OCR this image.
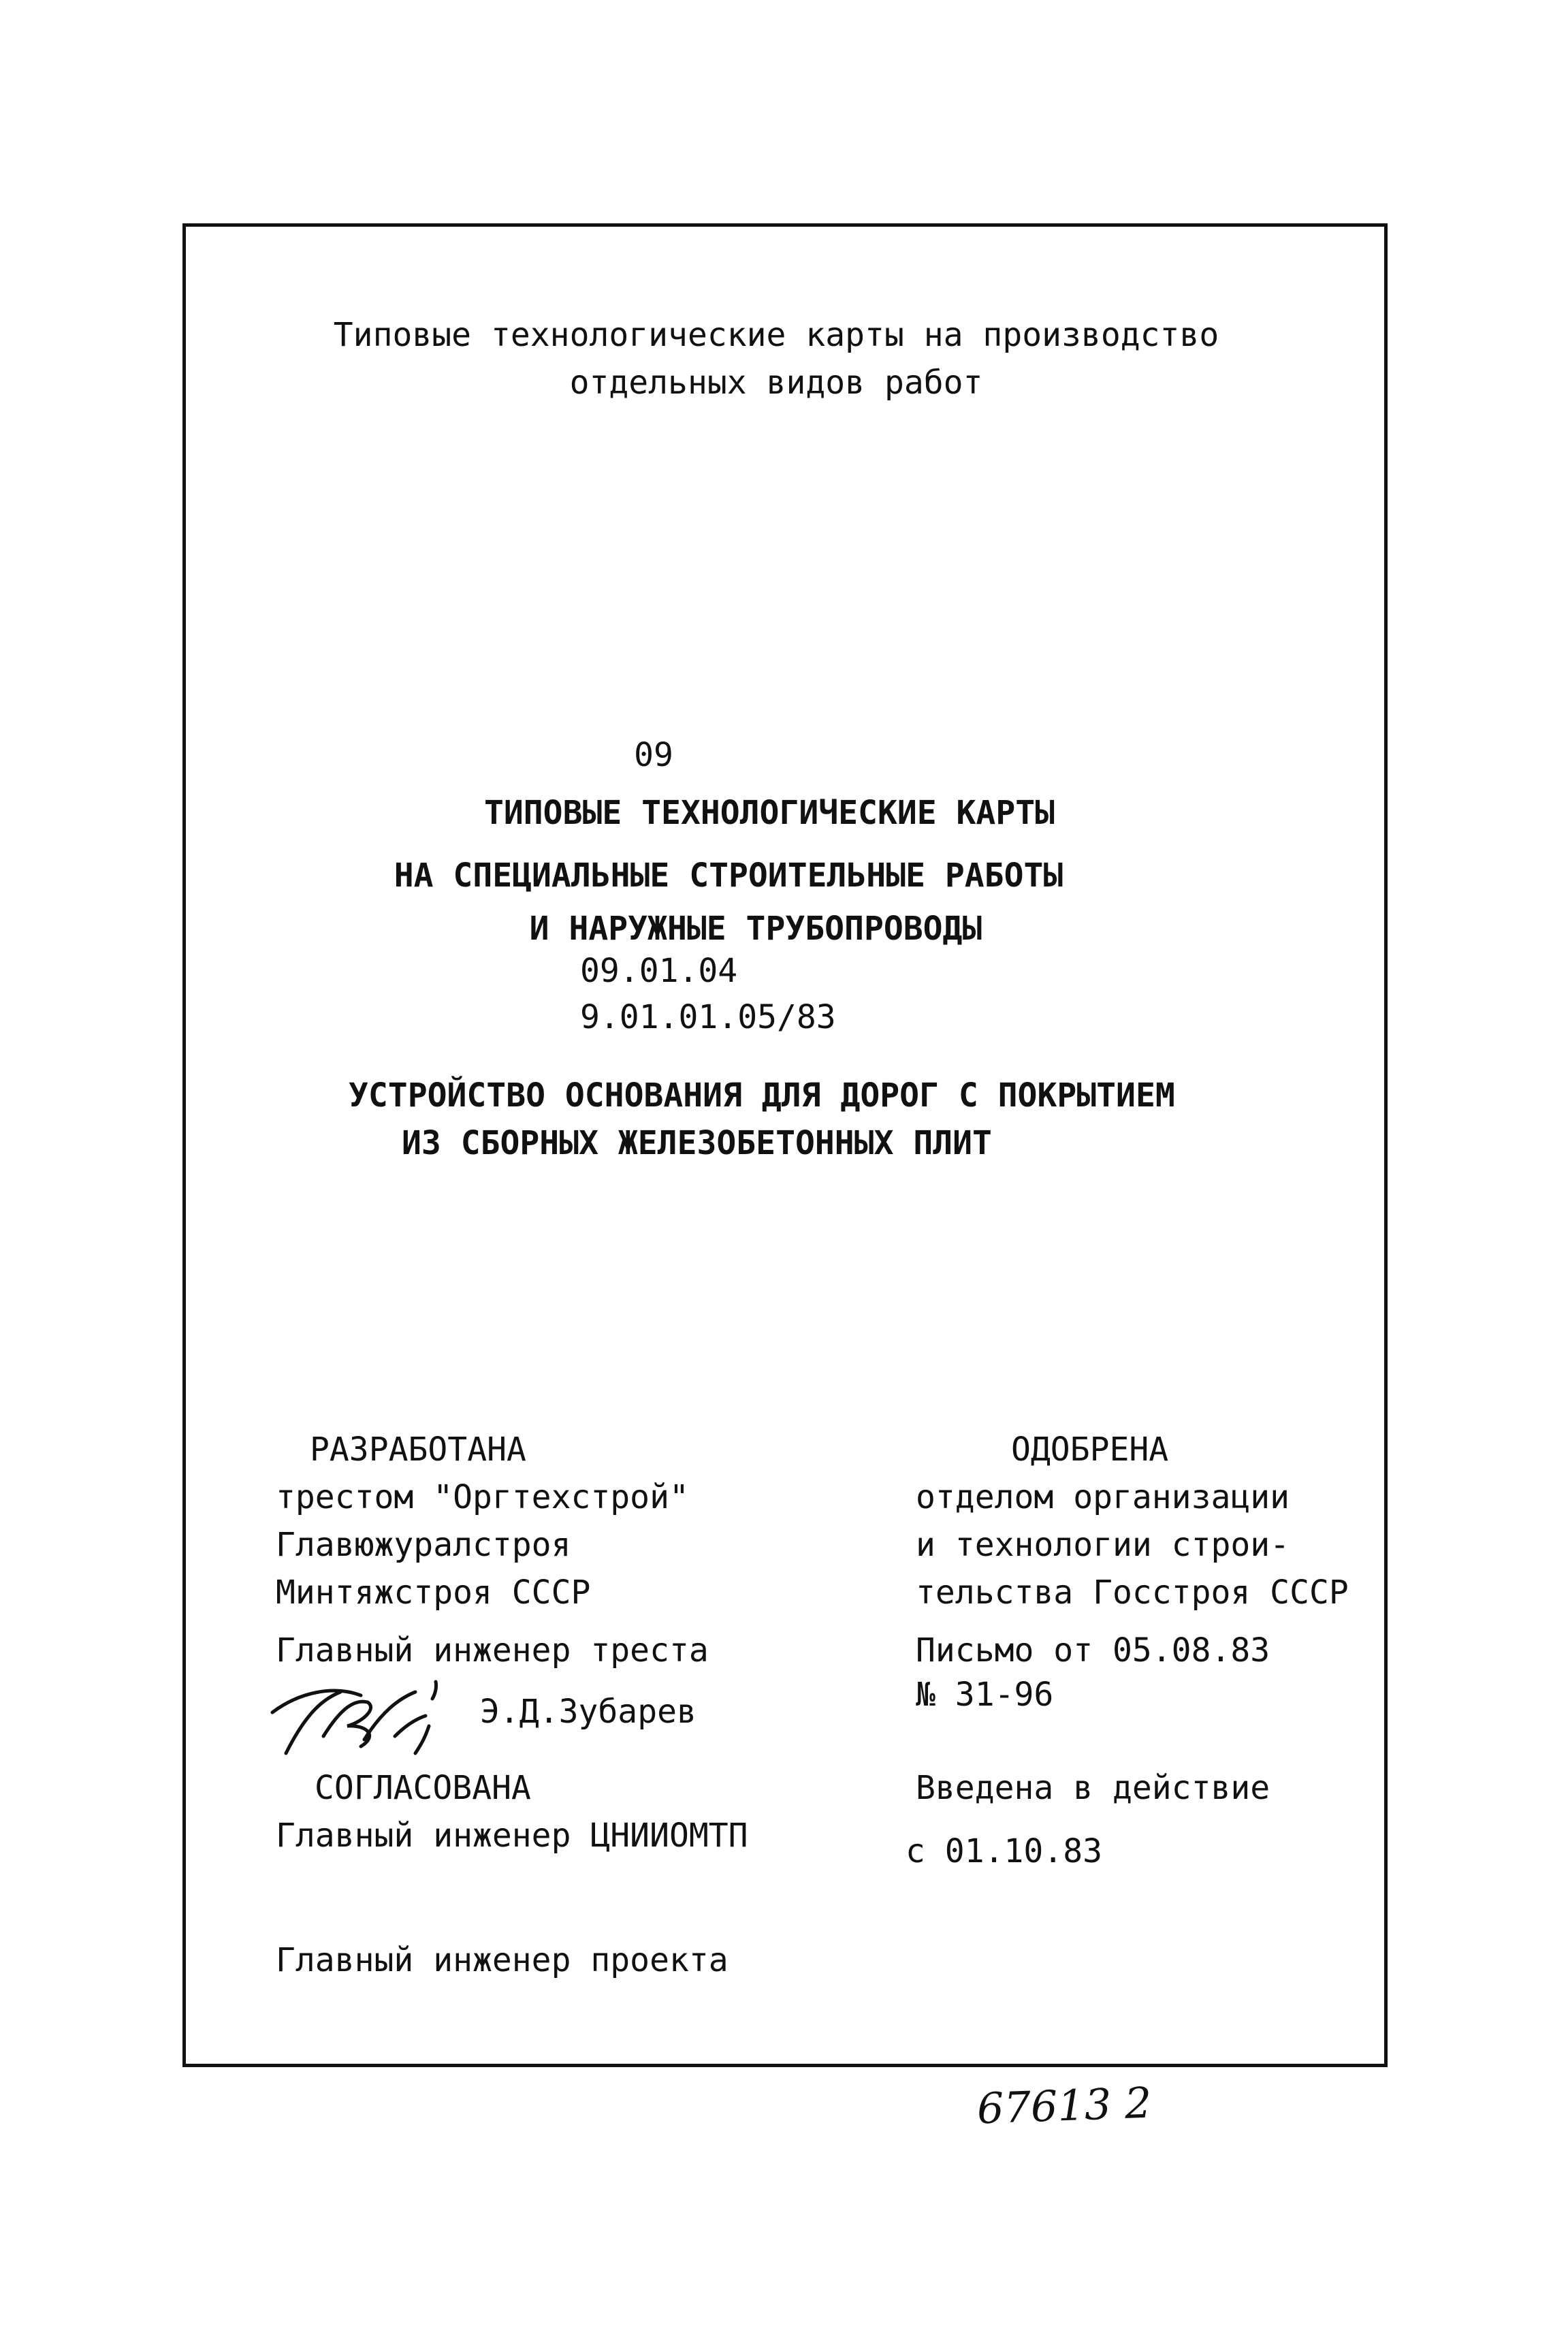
Типовые технологические карты на производство
отдельных видов работ
09
ТИПОВЫЕ ТЕХНОЛОГИЧЕСКИЕ КАРТЫ
НА СПЕЦИАЛЬНЫЕ СТРОИТЕЛЬНЫЕ РАБОТЫ
И НАРУЖНЫЕ ТРУБОПРОВОДЫ
09.01.04
9.01.01.05/83
УСТРОЙСТВО ОСНОВАНИЯ ДЛЯ ДОРОГ С ПОКРЫТИЕМ
ИЗ СБОРНЫХ ЖЕЛЕЗОБЕТОННЫХ ПЛИТ
РАЗРАБОТАНА
трестом "Оргтехстрой"
Главюжуралстроя
Минтяжстроя СССР
Главный инженер треста
Э.Д.Зубарев
СОГЛАСОВАНА
Главный инженер ЦНИИОМТП
Главный инженер проекта
ОДОБРЕНА
отделом организации
и технологии строи-
тельства Госстроя СССР
Письмо от 05.08.83
№ 31-96
Введена в действие
с 01.10.83
67613 2
